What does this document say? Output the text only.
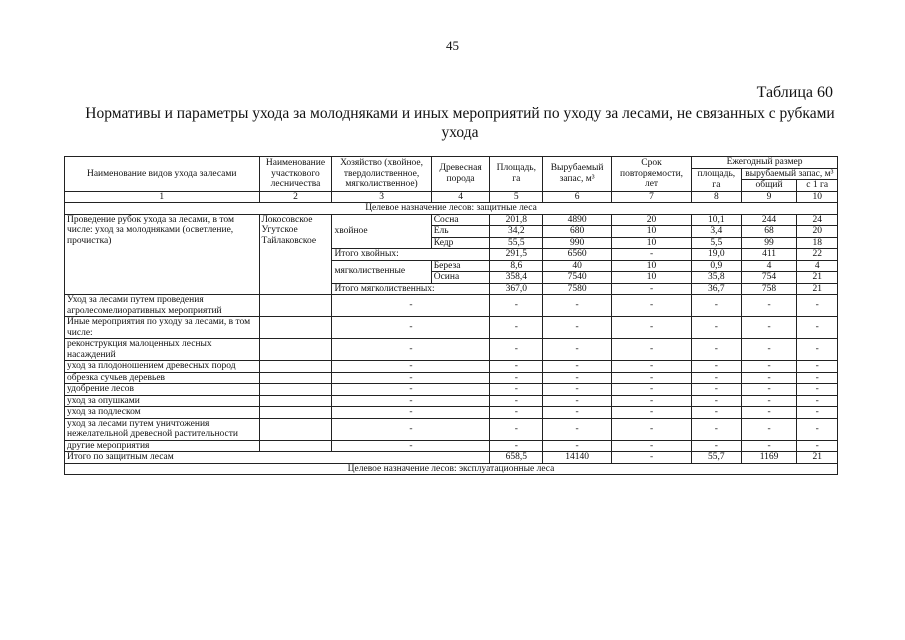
45
Таблица 60
Нормативы и параметры ухода за молодняками и иных мероприятий по уходу за лесами, не связанных с рубками ухода
Наименование видов ухода залесами	Наименование участкового лесничества	Хозяйство (хвойное, твердолиственное, мягколиственное)	Древесная порода	Площадь, га	Вырубаемый запас, м³	Срок повторяемости, лет	Ежегодный размер		
							площадь, га	вырубаемый запас, м³	
								общий	с 1 га
1	2	3	4	5	6	7	8	9	10
Целевое назначение лесов: защитные леса									
Проведение рубок ухода за лесами, в том числе: уход за молодняками (осветление, прочистка)	Локосовское Угутское Тайлаковское	хвойное	Сосна	201,8	4890	20	10,1	244	24
			Ель	34,2	680	10	3,4	68	20
			Кедр	55,5	990	10	5,5	99	18
		Итого хвойных:		291,5	6560	-	19,0	411	22
		мягколиственные	Береза	8,6	40	10	0,9	4	4
			Осина	358,4	7540	10	35,8	754	21
		Итого мягколиственных:		367,0	7580	-	36,7	758	21
Уход за лесами путем проведения агролесомелиоративных мероприятий		-		-	-	-	-	-	-
Иные мероприятия по уходу за лесами, в том числе:		-		-	-	-	-	-	-
реконструкция малоценных лесных насаждений		-		-	-	-	-	-	-
уход за плодоношением древесных пород		-		-	-	-	-	-	-
обрезка сучьев деревьев		-		-	-	-	-	-	-
удобрение лесов		-		-	-	-	-	-	-
уход за опушками		-		-	-	-	-	-	-
уход за подлеском		-		-	-	-	-	-	-
уход за лесами путем уничтожения нежелательной древесной растительности		-		-	-	-	-	-	-
другие мероприятия		-		-	-	-	-	-	-
Итого по защитным лесам				658,5	14140	-	55,7	1169	21
Целевое назначение лесов: эксплуатационные леса									
